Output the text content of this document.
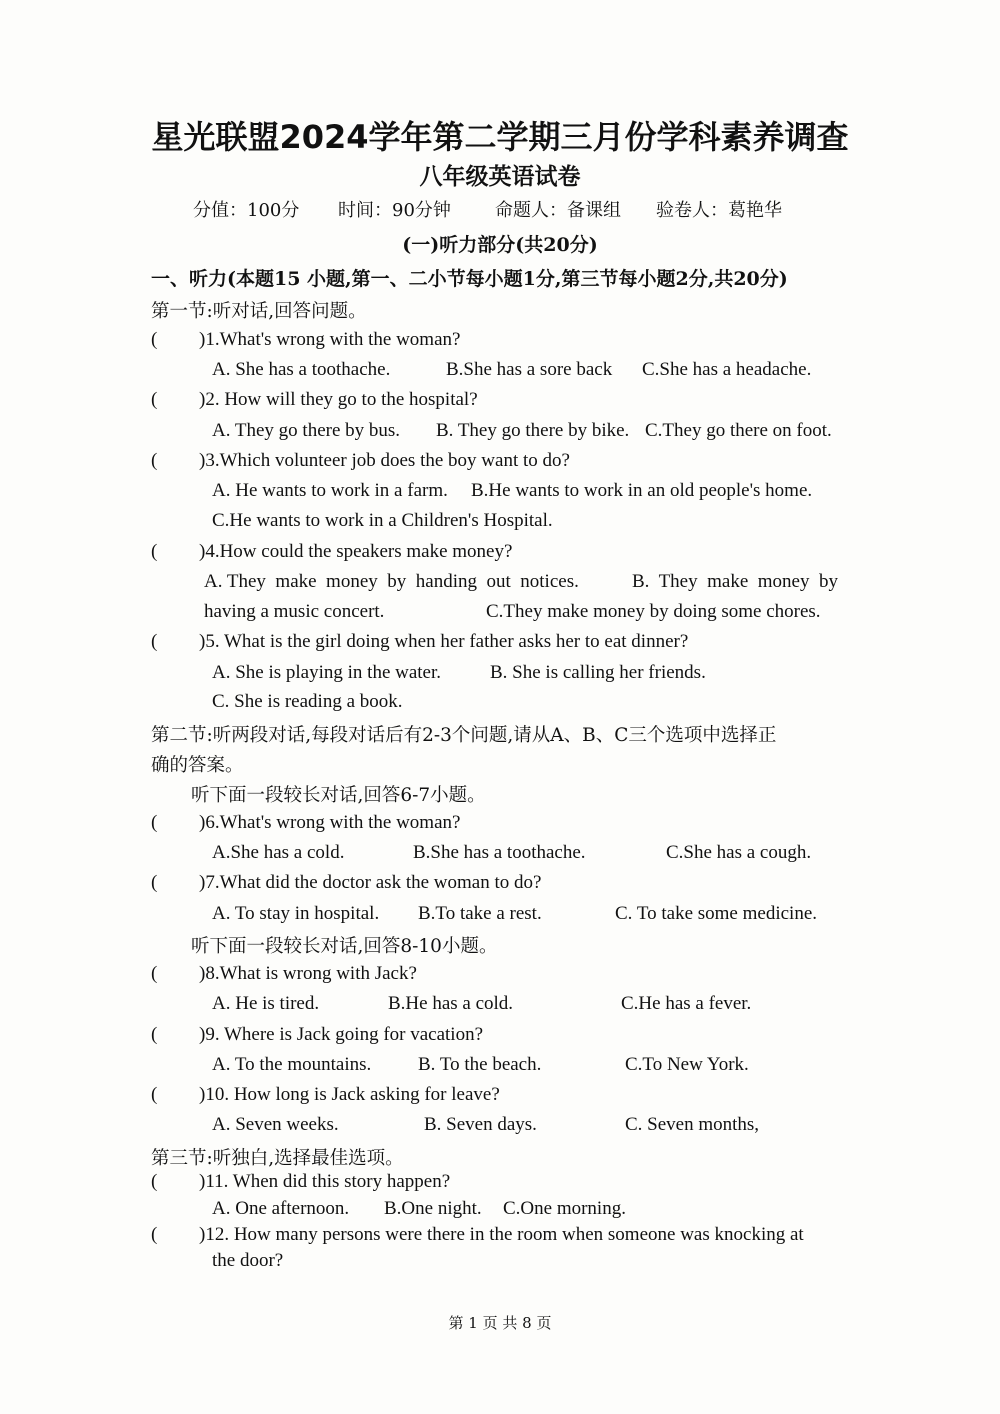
星光联盟2024学年第二学期三月份学科素养调查
八年级英语试卷
分值：100分 时间：90分钟 命题人：备课组 验卷人：葛艳华
(一)听力部分(共20分)
一、听力(本题15 小题,第一、二小节每小题1分,第三节每小题2分,共20分)
第一节:听对话,回答问题。
( )1.What's wrong with the woman?
A. She has a toothache.	B.She has a sore back C.She has a headache.
( )2. How will they go to the hospital?
A. They go there by bus. B. They go there by bike. C.They go there on foot.
( )3.Which volunteer job does the boy want to do?
A. He wants to work in a farm. B.He wants to work in an old people's home.
C.He wants to work in a Children's Hospital.
( )4.How could the speakers make money?
A. They  make  money  by  handing  out  notices.	B.  They  make  money  by
having a music concert.	C.They make money by doing some chores.
( )5. What is the girl doing when her father asks her to eat dinner?
A. She is playing in the water.	B. She is calling her friends.
C. She is reading a book.
第二节:听两段对话,每段对话后有2-3个问题,请从A、B、C三个选项中选择正
确的答案。
听下面一段较长对话,回答6-7小题。
( )6.What's wrong with the woman?
A.She has a cold.	B.She has a toothache.	C.She has a cough.
( )7.What did the doctor ask the woman to do?
A. To stay in hospital. B.To take a rest.	C. To take some medicine.
听下面一段较长对话,回答8-10小题。
( )8.What is wrong with Jack?
A. He is tired.	B.He has a cold.	C.He has a fever.
( )9. Where is Jack going for vacation?
A. To the mountains. B. To the beach.	C.To New York.
( )10. How long is Jack asking for leave?
A. Seven weeks.	B. Seven days.	C. Seven months,
第三节:听独白,选择最佳选项。
( )11. When did this story happen?
A. One afternoon. B.One night. C.One morning.
( )12. How many persons were there in the room when someone was knocking at
the door?
第 1 页 共 8 页
